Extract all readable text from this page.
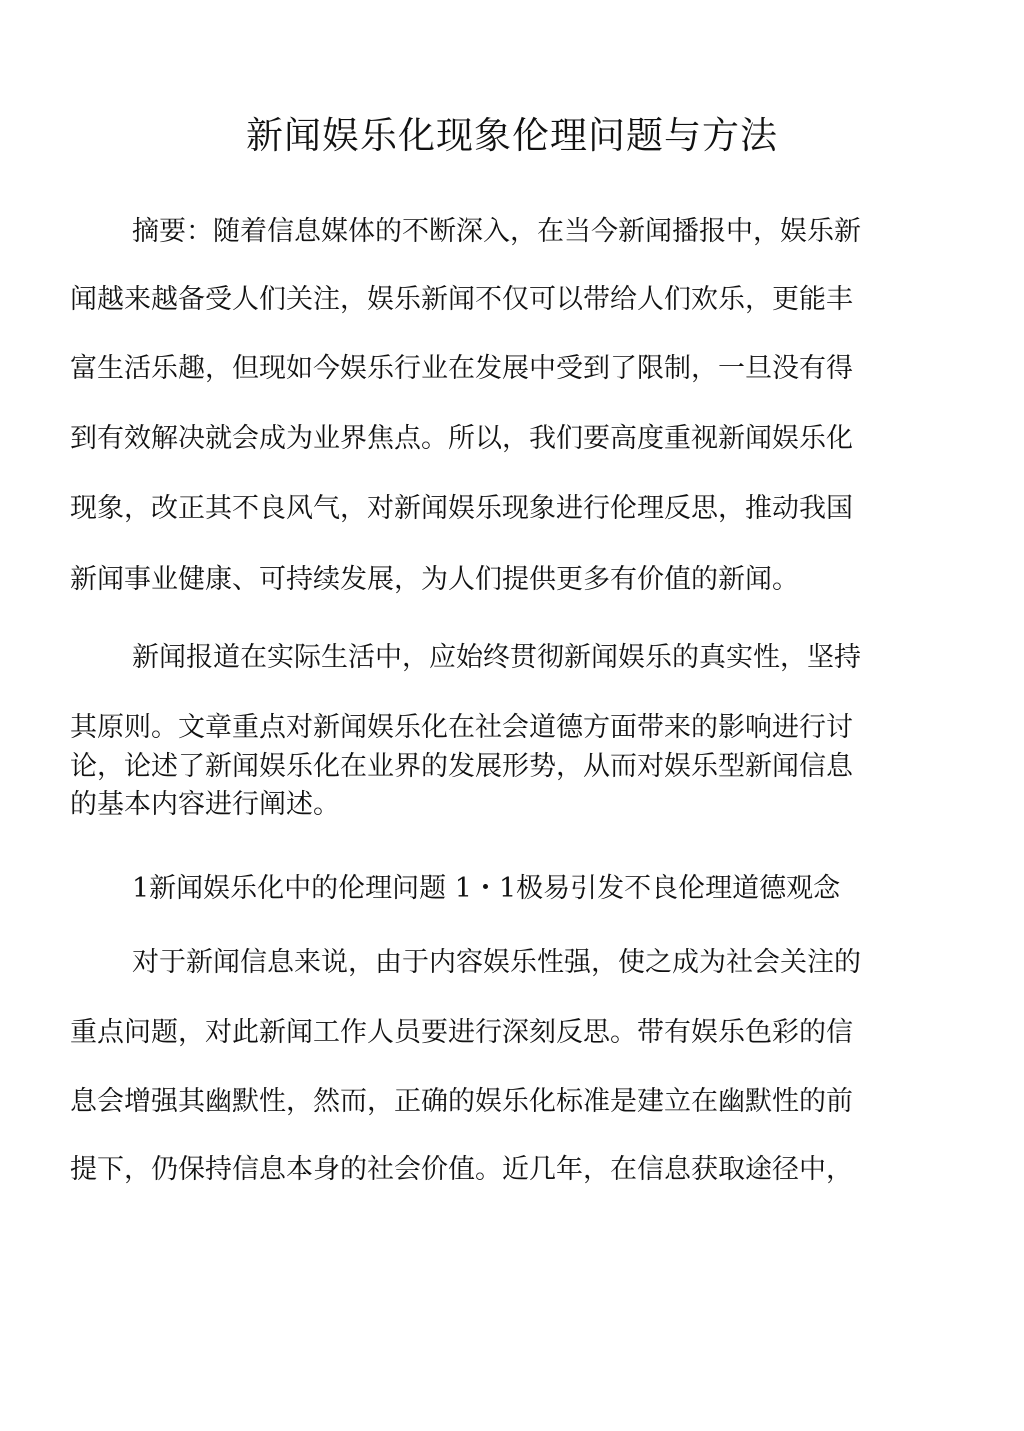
新闻娱乐化现象伦理问题与方法

摘要：随着信息媒体的不断深入，在当今新闻播报中，娱乐新

闻越来越备受人们关注，娱乐新闻不仅可以带给人们欢乐，更能丰

富生活乐趣，但现如今娱乐行业在发展中受到了限制，一旦没有得

到有效解决就会成为业界焦点。所以，我们要高度重视新闻娱乐化

现象，改正其不良风气，对新闻娱乐现象进行伦理反思，推动我国

新闻事业健康、可持续发展，为人们提供更多有价值的新闻。

新闻报道在实际生活中，应始终贯彻新闻娱乐的真实性，坚持

其原则。文章重点对新闻娱乐化在社会道德方面带来的影响进行讨

论，论述了新闻娱乐化在业界的发展形势，从而对娱乐型新闻信息

的基本内容进行阐述。

1新闻娱乐化中的伦理问题 1・1极易引发不良伦理道德观念

对于新闻信息来说，由于内容娱乐性强，使之成为社会关注的

重点问题，对此新闻工作人员要进行深刻反思。带有娱乐色彩的信

息会增强其幽默性，然而，正确的娱乐化标准是建立在幽默性的前

提下，仍保持信息本身的社会价值。近几年，在信息获取途径中，
